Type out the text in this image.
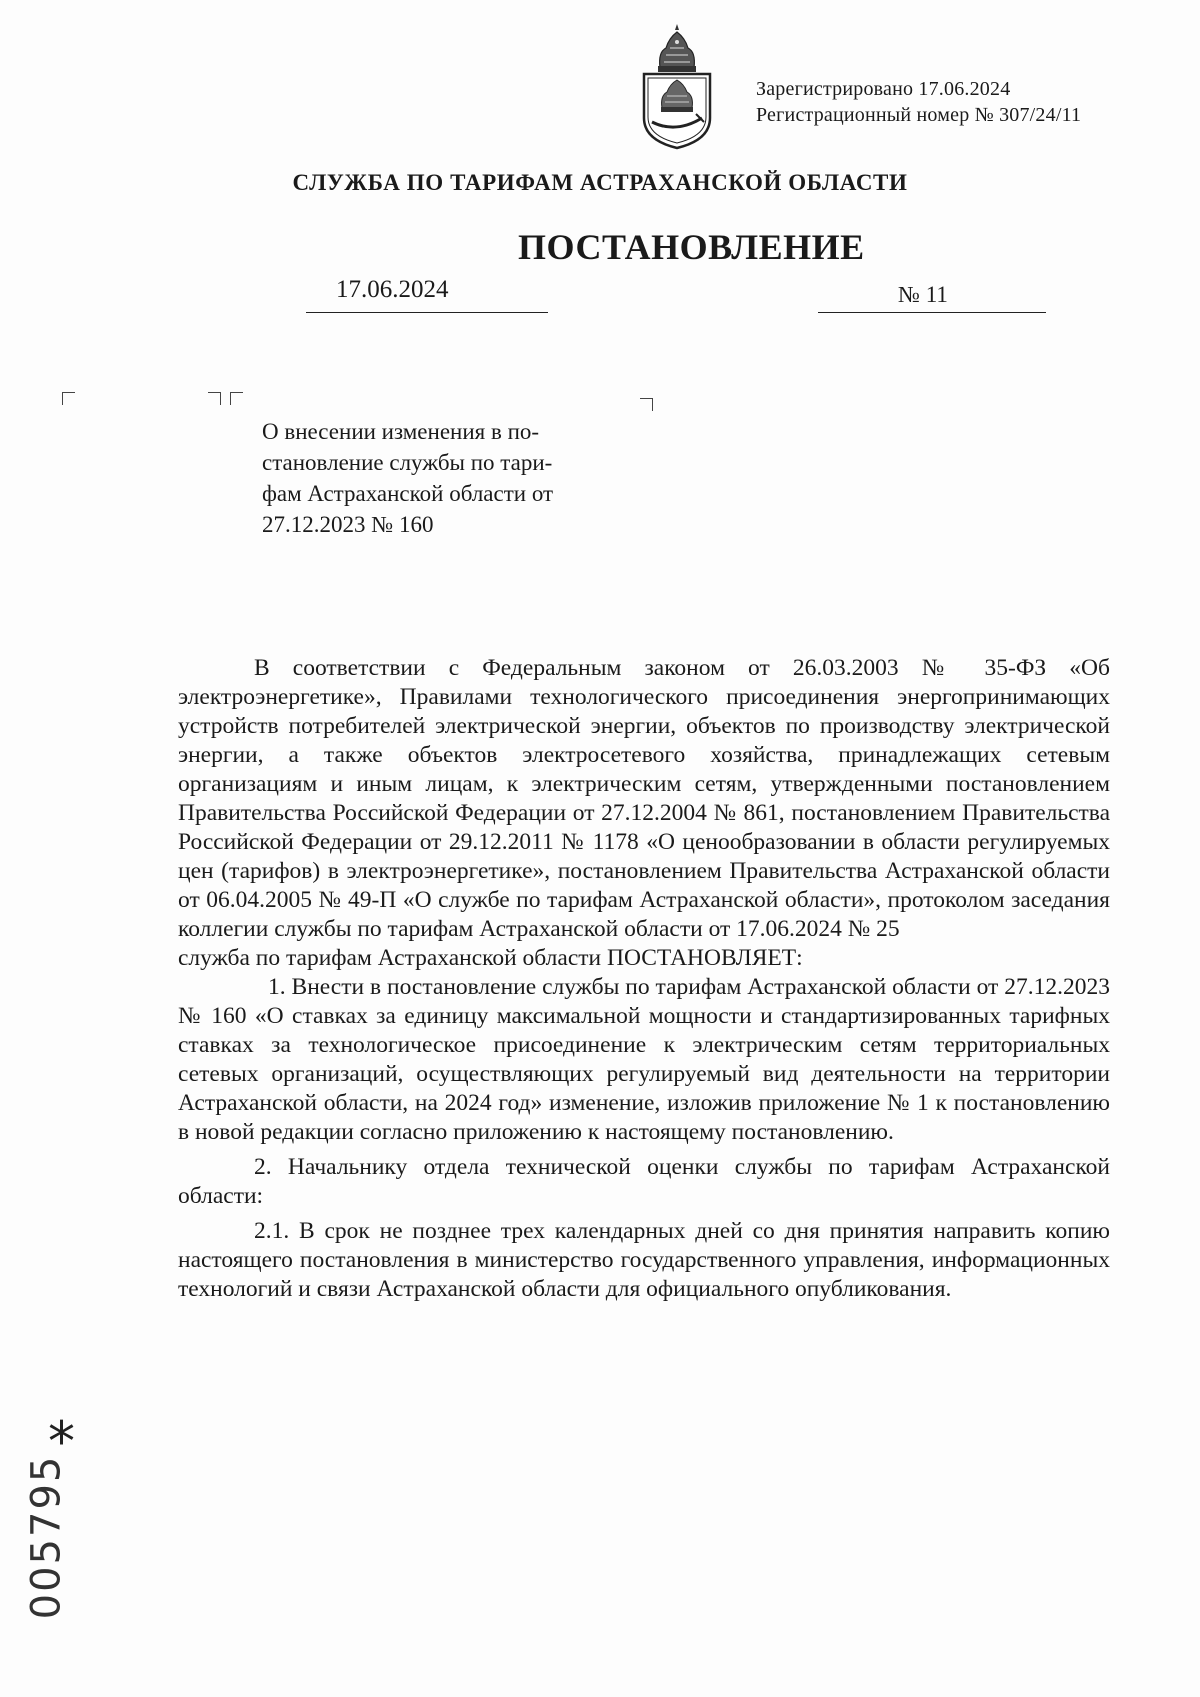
Зарегистрировано 17.06.2024
Регистрационный номер № 307/24/11
СЛУЖБА ПО ТАРИФАМ АСТРАХАНСКОЙ ОБЛАСТИ
ПОСТАНОВЛЕНИЕ
17.06.2024	№ 11
О внесении изменения в по-
становление службы по тари-
фам Астраханской области от
27.12.2023 № 160

В соответствии с Федеральным законом от 26.03.2003 № 35-ФЗ «Об электроэнергетике», Правилами технологического присоединения энергопринимающих устройств потребителей электрической энергии, объектов по производству электрической энергии, а также объектов электросетевого хозяйства, принадлежащих сетевым организациям и иным лицам, к электрическим сетям, утвержденными постановлением Правительства Российской Федерации от 27.12.2004 № 861, постановлением Правительства Российской Федерации от 29.12.2011 № 1178 «О ценообразовании в области регулируемых цен (тарифов) в электроэнергетике», постановлением Правительства Астраханской области от 06.04.2005 № 49-П «О службе по тарифам Астраханской области», протоколом заседания коллегии службы по тарифам Астраханской области от 17.06.2024 № 25

служба по тарифам Астраханской области ПОСТАНОВЛЯЕТ:

1. Внести в постановление службы по тарифам Астраханской области от 27.12.2023 № 160 «О ставках за единицу максимальной мощности и стандартизированных тарифных ставках за технологическое присоединение к электрическим сетям территориальных сетевых организаций, осуществляющих регулируемый вид деятельности на территории Астраханской области, на 2024 год» изменение, изложив приложение № 1 к постановлению в новой редакции согласно приложению к настоящему постановлению.

2. Начальнику отдела технической оценки службы по тарифам Астраханской области:

2.1. В срок не позднее трех календарных дней со дня принятия направить копию настоящего постановления в министерство государственного управления, информационных технологий и связи Астраханской области для официального опубликования.

*
005795
